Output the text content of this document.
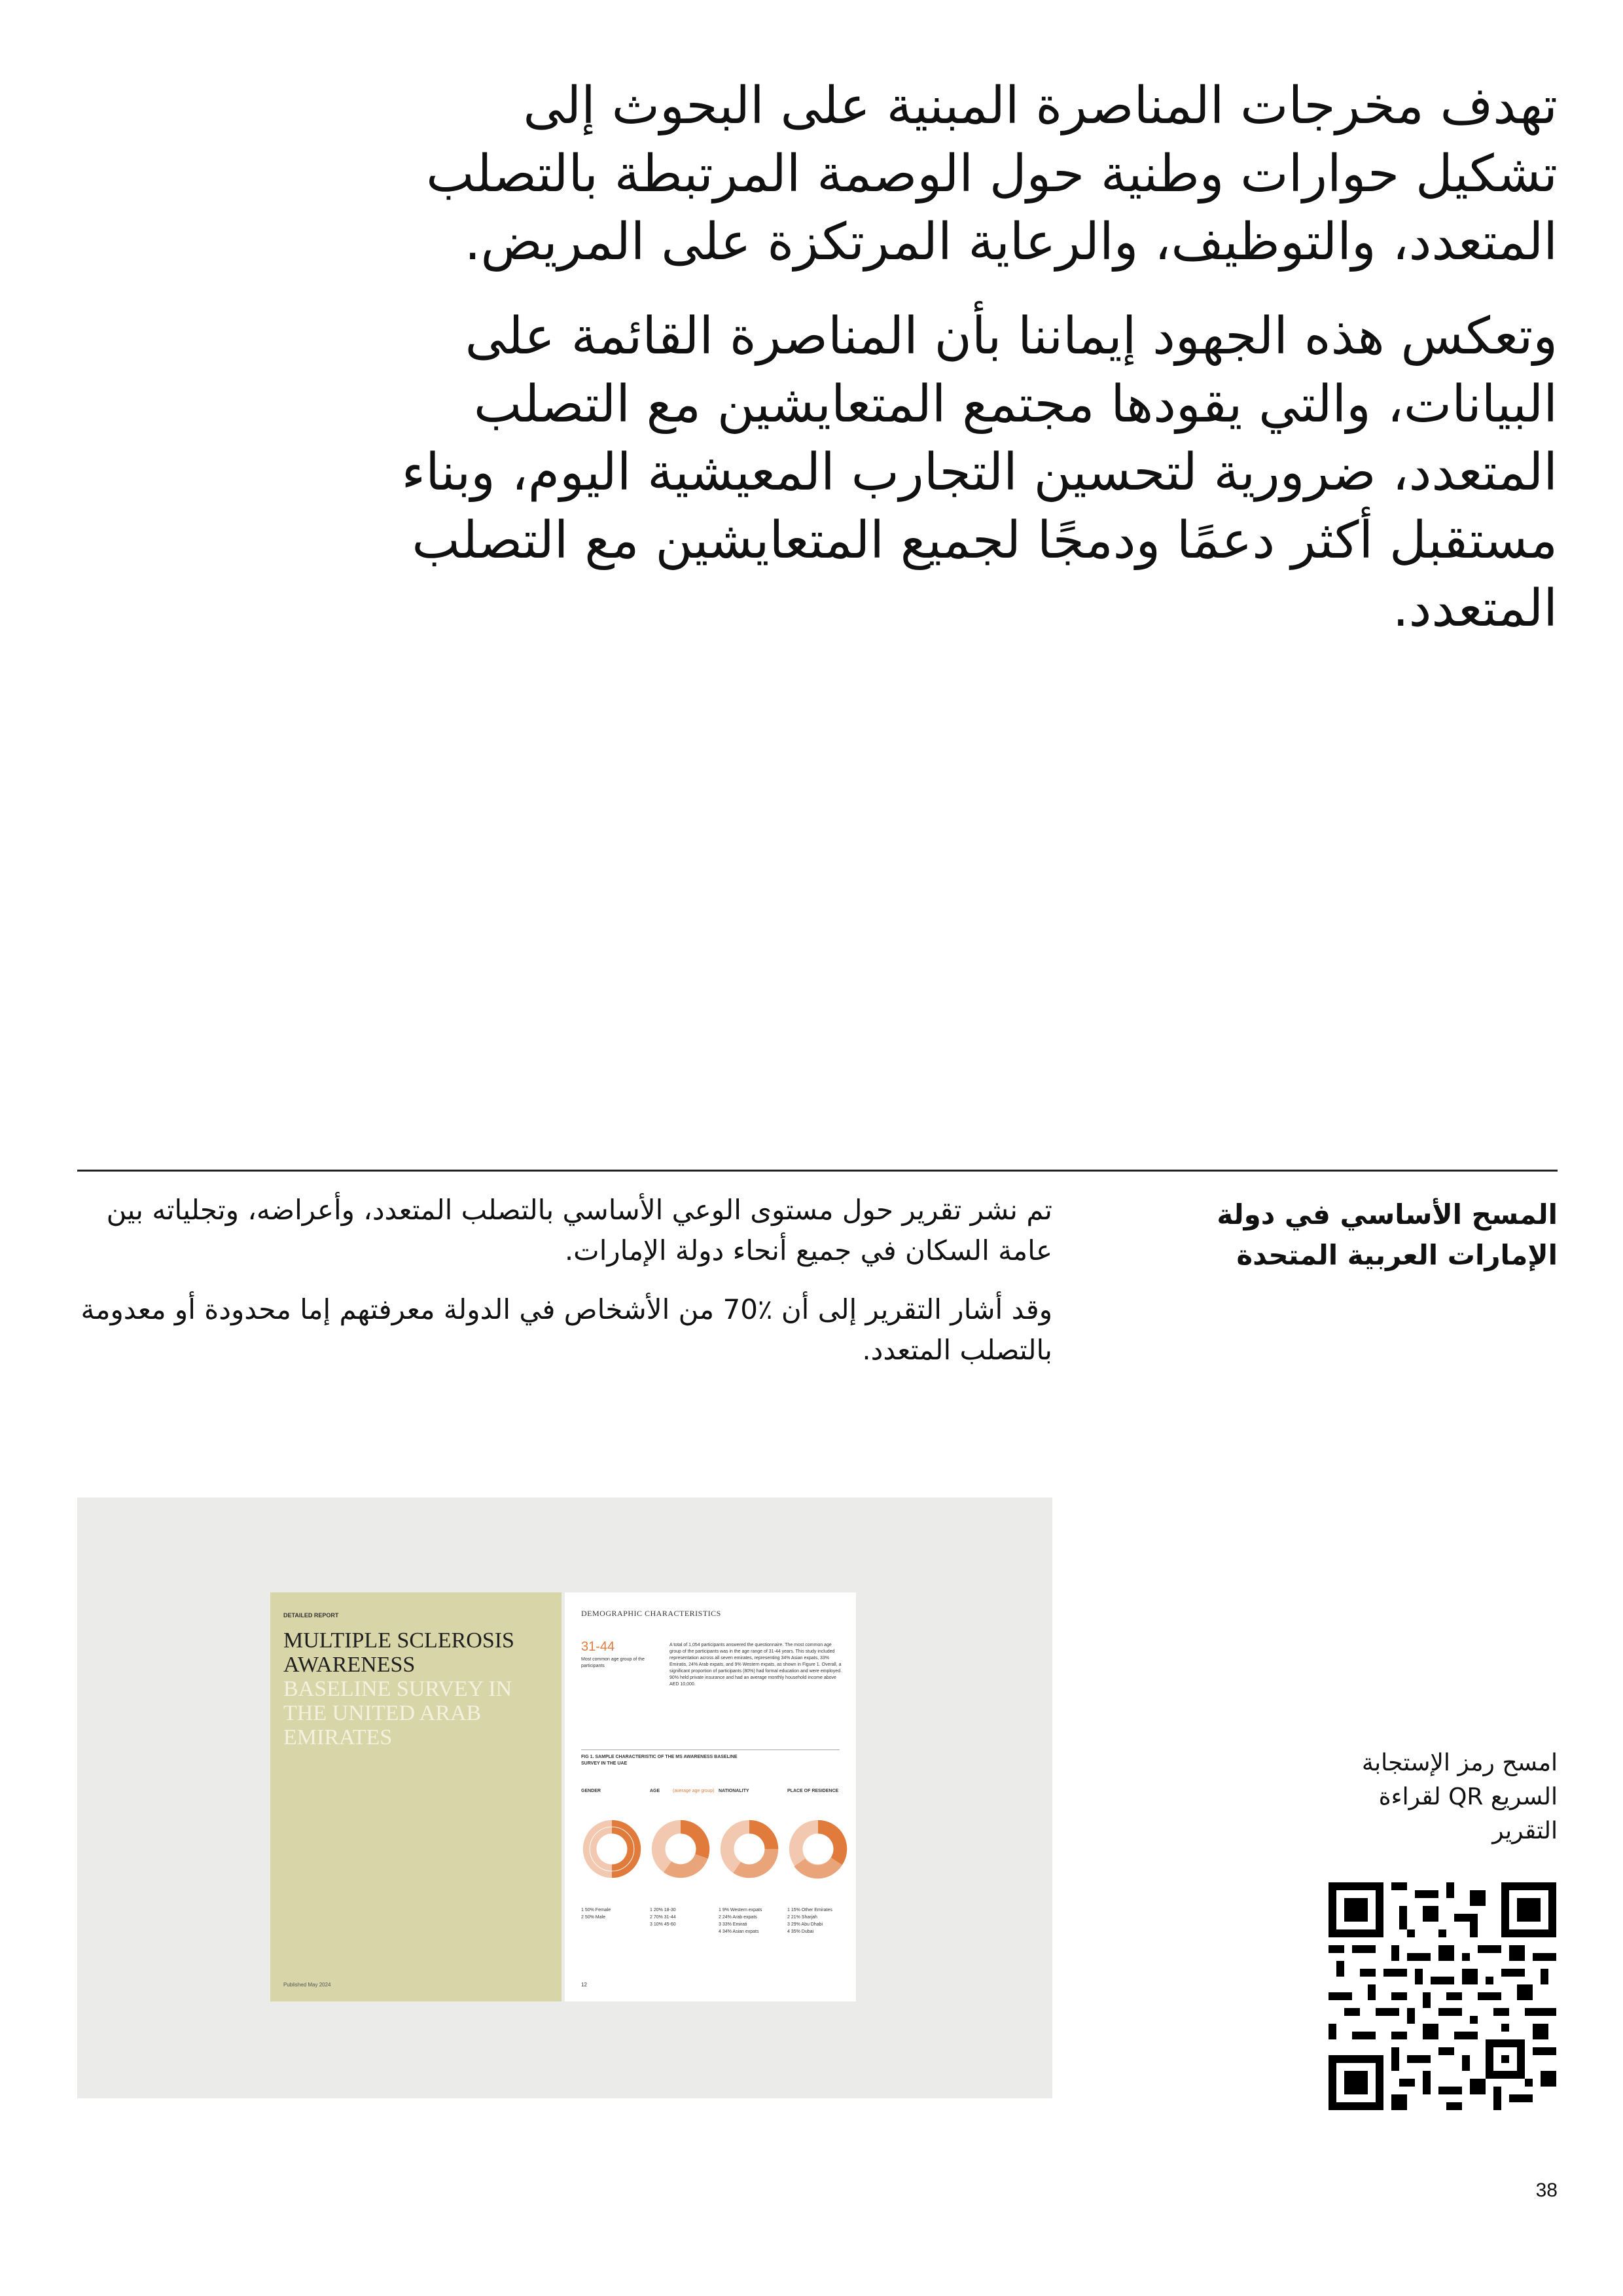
تهدف مخرجات المناصرة المبنية على البحوث إلى تشكيل حوارات وطنية حول الوصمة المرتبطة بالتصلب المتعدد، والتوظيف، والرعاية المرتكزة على المريض.

وتعكس هذه الجهود إيماننا بأن المناصرة القائمة على البيانات، والتي يقودها مجتمع المتعايشين مع التصلب المتعدد، ضرورية لتحسين التجارب المعيشية اليوم، وبناء مستقبل أكثر دعمًا ودمجًا لجميع المتعايشين مع التصلب المتعدد.

المسح الأساسي في دولة الإمارات العربية المتحدة

تم نشر تقرير حول مستوى الوعي الأساسي بالتصلب المتعدد، وأعراضه، وتجلياته بين عامة السكان في جميع أنحاء دولة الإمارات.

وقد أشار التقرير إلى أن ٪70 من الأشخاص في الدولة معرفتهم إما محدودة أو معدومة بالتصلب المتعدد.

DETAILED REPORT
MULTIPLE SCLEROSIS AWARENESS
BASELINE SURVEY IN THE UNITED ARAB EMIRATES
Published May 2024
DEMOGRAPHIC CHARACTERISTICS
31-44
Most common age group of the participants
A total of 1,054 participants answered the questionnaire. The most common age group of the participants was in the age range of 31-44 years. This study included representation across all seven emirates, representing 34% Asian expats, 33% Emiratis, 24% Arab expats, and 9% Western expats, as shown in Figure 1. Overall, a significant proportion of participants (80%) had formal education and were employed. 90% held private insurance and had an average monthly household income above AED 10,000.
FIG 1. SAMPLE CHARACTERISTIC OF THE MS AWARENESS BASELINE SURVEY IN THE UAE
GENDER	AGE	(average age group) NATIONALITY	PLACE OF RESIDENCE
1 50% Female
2 50% Male
1 20% 18-30
2 70% 31-44
3 10% 45-60
1 9% Western expats
2 24% Arab expats
3 33% Emirati
4 34% Asian expats
1 15% Other Emirates
2 21% Sharjah
3 29% Abu Dhabi
4 35% Dubai
12
امسح رمز الإستجابة السريع QR لقراءة التقرير
38
